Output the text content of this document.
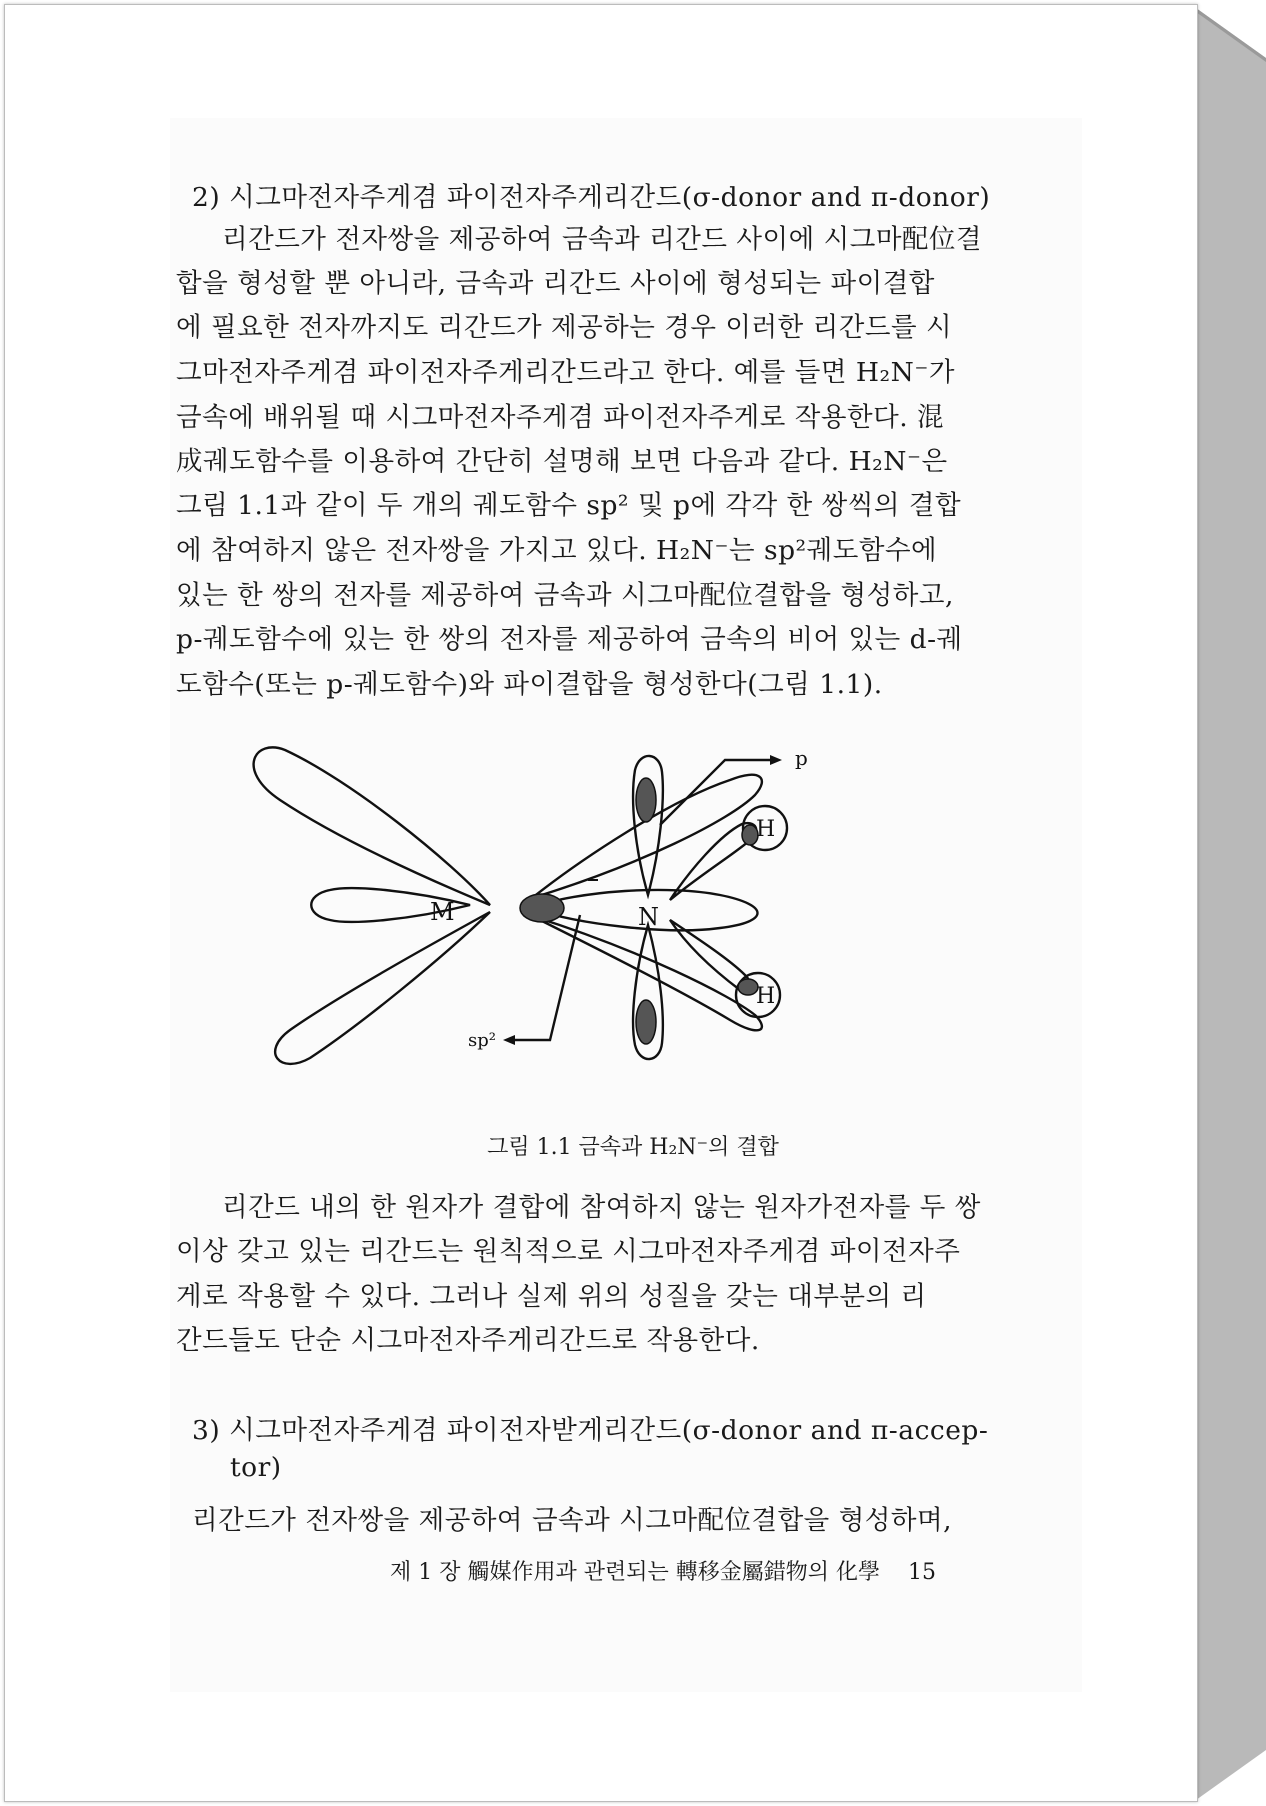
2) 시그마전자주게겸 파이전자주게리간드(σ-donor and π-donor)
리간드가 전자쌍을 제공하여 금속과 리간드 사이에 시그마配位결
합을 형성할 뿐 아니라, 금속과 리간드 사이에 형성되는 파이결합
에 필요한 전자까지도 리간드가 제공하는 경우 이러한 리간드를 시
그마전자주게겸 파이전자주게리간드라고 한다. 예를 들면 H₂N⁻가
금속에 배위될 때 시그마전자주게겸 파이전자주게로 작용한다. 混
成궤도함수를 이용하여 간단히 설명해 보면 다음과 같다. H₂N⁻은
그림 1.1과 같이 두 개의 궤도함수 sp² 및 p에 각각 한 쌍씩의 결합
에 참여하지 않은 전자쌍을 가지고 있다. H₂N⁻는 sp²궤도함수에
있는 한 쌍의 전자를 제공하여 금속과 시그마配位결합을 형성하고,
p-궤도함수에 있는 한 쌍의 전자를 제공하여 금속의 비어 있는 d-궤
도함수(또는 p-궤도함수)와 파이결합을 형성한다(그림 1.1).
M	N
p
H
H
sp²
그림 1.1 금속과 H₂N⁻의 결합
리간드 내의 한 원자가 결합에 참여하지 않는 원자가전자를 두 쌍
이상 갖고 있는 리간드는 원칙적으로 시그마전자주게겸 파이전자주
게로 작용할 수 있다. 그러나 실제 위의 성질을 갖는 대부분의 리
간드들도 단순 시그마전자주게리간드로 작용한다.
3) 시그마전자주게겸 파이전자받게리간드(σ-donor and π-accep-
tor)
리간드가 전자쌍을 제공하여 금속과 시그마配位결합을 형성하며,
제 1 장 觸媒作用과 관련되는 轉移金屬錯物의 化學 15
